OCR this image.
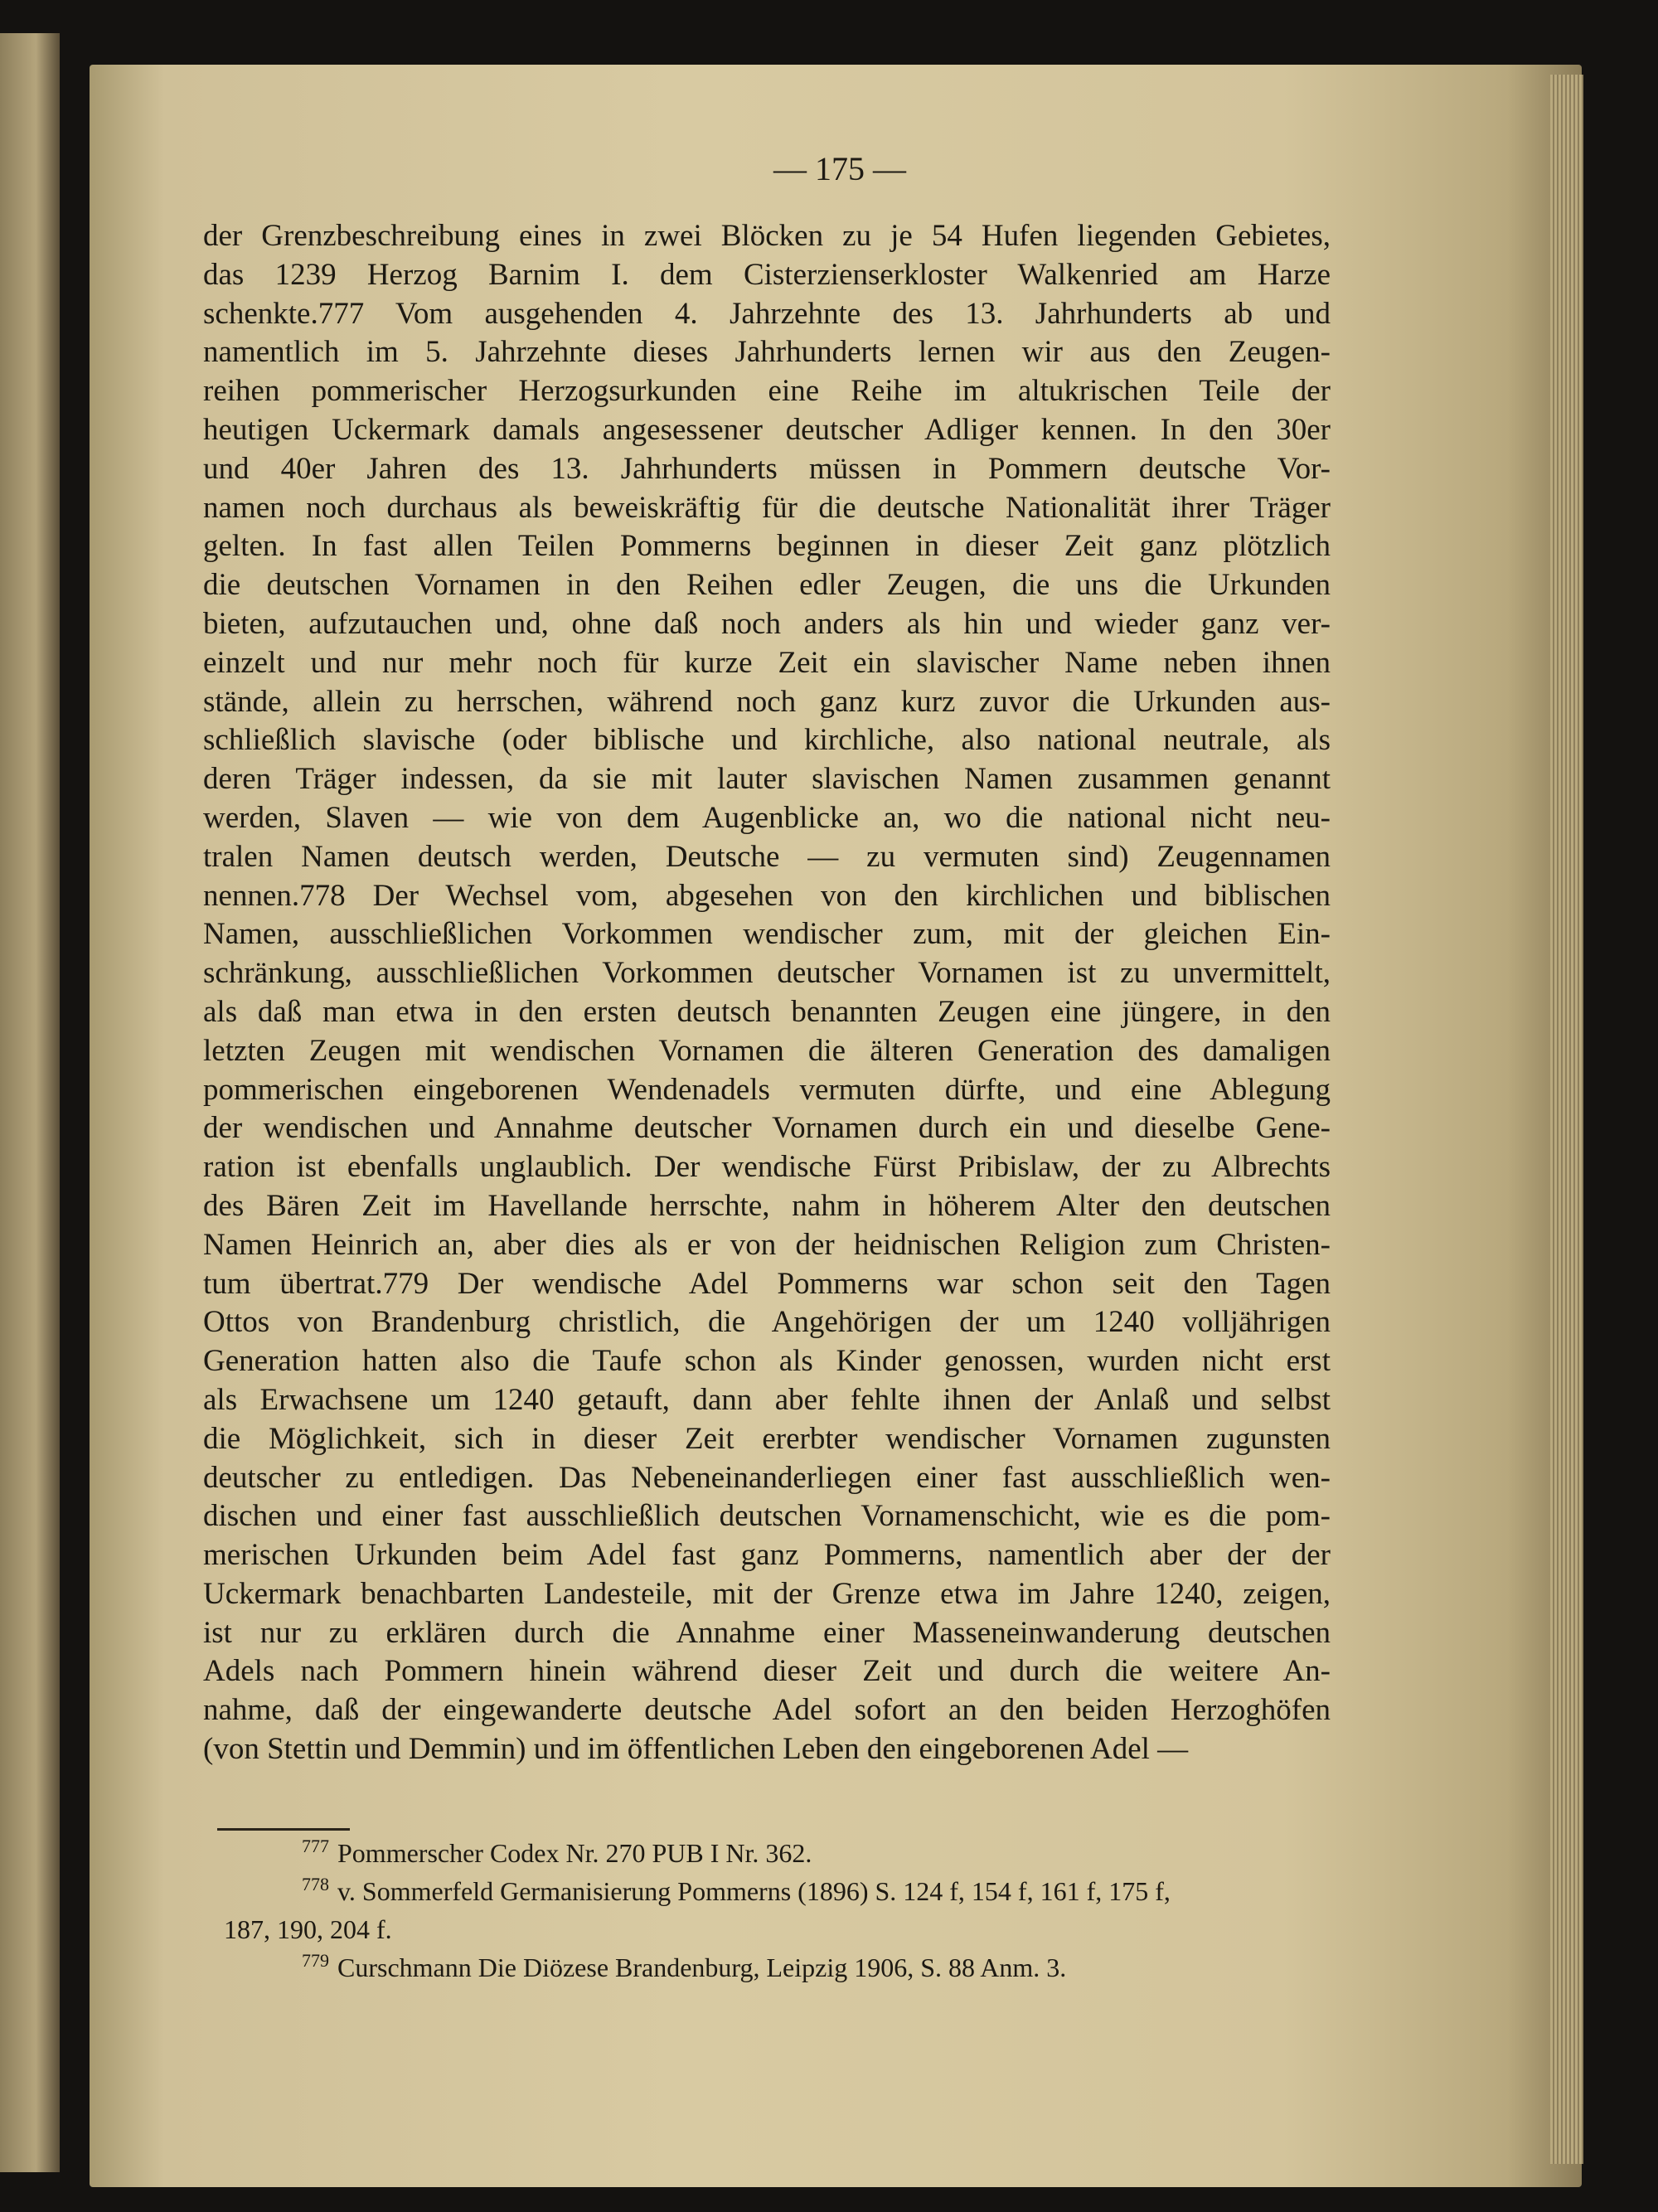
— 175 —
der Grenzbeschreibung eines in zwei Blöcken zu je 54 Hufen liegenden Gebietes,
das 1239 Herzog Barnim I. dem Cisterzienserkloster Walkenried am Harze
schenkte.777 Vom ausgehenden 4. Jahrzehnte des 13. Jahrhunderts ab und
namentlich im 5. Jahrzehnte dieses Jahrhunderts lernen wir aus den Zeugen-
reihen pommerischer Herzogsurkunden eine Reihe im altukrischen Teile der
heutigen Uckermark damals angesessener deutscher Adliger kennen. In den 30er
und 40er Jahren des 13. Jahrhunderts müssen in Pommern deutsche Vor-
namen noch durchaus als beweiskräftig für die deutsche Nationalität ihrer Träger
gelten. In fast allen Teilen Pommerns beginnen in dieser Zeit ganz plötzlich
die deutschen Vornamen in den Reihen edler Zeugen, die uns die Urkunden
bieten, aufzutauchen und, ohne daß noch anders als hin und wieder ganz ver-
einzelt und nur mehr noch für kurze Zeit ein slavischer Name neben ihnen
stände, allein zu herrschen, während noch ganz kurz zuvor die Urkunden aus-
schließlich slavische (oder biblische und kirchliche, also national neutrale, als
deren Träger indessen, da sie mit lauter slavischen Namen zusammen genannt
werden, Slaven — wie von dem Augenblicke an, wo die national nicht neu-
tralen Namen deutsch werden, Deutsche — zu vermuten sind) Zeugennamen
nennen.778 Der Wechsel vom, abgesehen von den kirchlichen und biblischen
Namen, ausschließlichen Vorkommen wendischer zum, mit der gleichen Ein-
schränkung, ausschließlichen Vorkommen deutscher Vornamen ist zu unvermittelt,
als daß man etwa in den ersten deutsch benannten Zeugen eine jüngere, in den
letzten Zeugen mit wendischen Vornamen die älteren Generation des damaligen
pommerischen eingeborenen Wendenadels vermuten dürfte, und eine Ablegung
der wendischen und Annahme deutscher Vornamen durch ein und dieselbe Gene-
ration ist ebenfalls unglaublich. Der wendische Fürst Pribislaw, der zu Albrechts
des Bären Zeit im Havellande herrschte, nahm in höherem Alter den deutschen
Namen Heinrich an, aber dies als er von der heidnischen Religion zum Christen-
tum übertrat.779 Der wendische Adel Pommerns war schon seit den Tagen
Ottos von Brandenburg christlich, die Angehörigen der um 1240 volljährigen
Generation hatten also die Taufe schon als Kinder genossen, wurden nicht erst
als Erwachsene um 1240 getauft, dann aber fehlte ihnen der Anlaß und selbst
die Möglichkeit, sich in dieser Zeit ererbter wendischer Vornamen zugunsten
deutscher zu entledigen. Das Nebeneinanderliegen einer fast ausschließlich wen-
dischen und einer fast ausschließlich deutschen Vornamenschicht, wie es die pom-
merischen Urkunden beim Adel fast ganz Pommerns, namentlich aber der der
Uckermark benachbarten Landesteile, mit der Grenze etwa im Jahre 1240, zeigen,
ist nur zu erklären durch die Annahme einer Masseneinwanderung deutschen
Adels nach Pommern hinein während dieser Zeit und durch die weitere An-
nahme, daß der eingewanderte deutsche Adel sofort an den beiden Herzoghöfen
(von Stettin und Demmin) und im öffentlichen Leben den eingeborenen Adel —
$^{777}$ Pommerscher Codex Nr. 270 PUB I Nr. 362.
$^{778}$ v. Sommerfeld Germanisierung Pommerns (1896) S. 124 f, 154 f, 161 f, 175 f,
187, 190, 204 f.
$^{779}$ Curschmann Die Diözese Brandenburg, Leipzig 1906, S. 88 Anm. 3.
